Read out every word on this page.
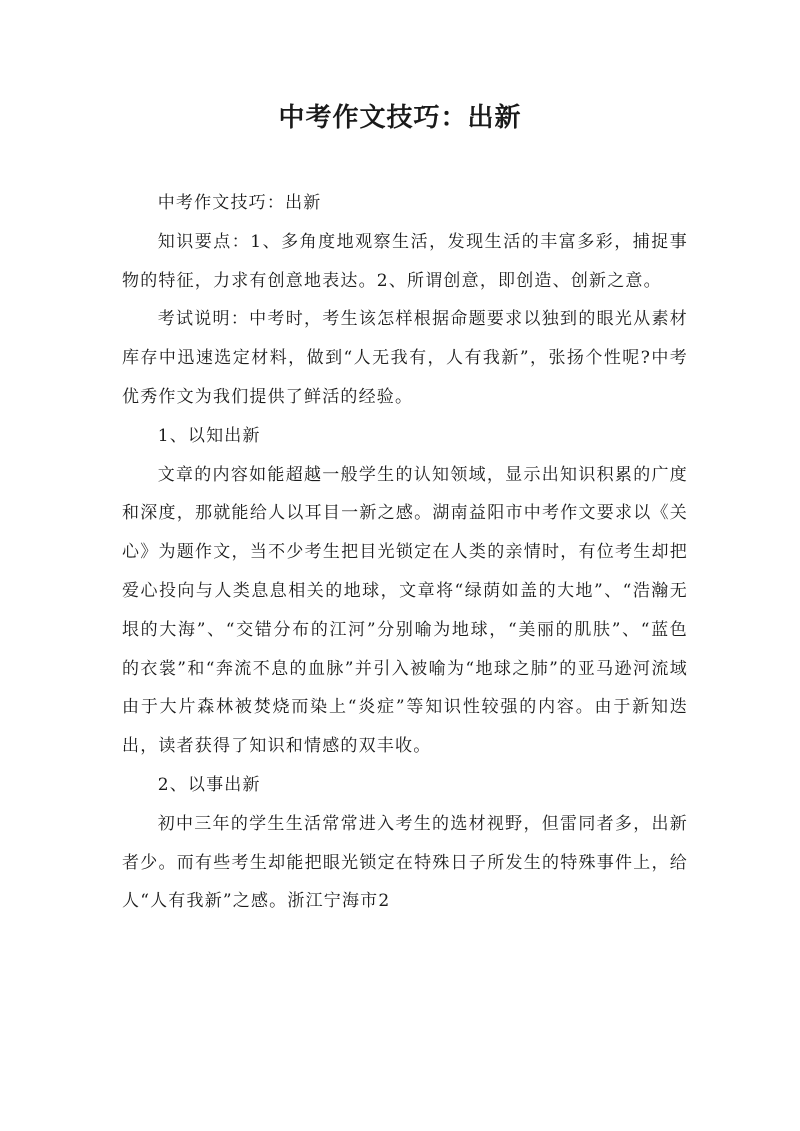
中考作文技巧：出新

中考作文技巧：出新

知识要点：1、多角度地观察生活，发现生活的丰富多彩，捕捉事物的特征，力求有创意地表达。2、所谓创意，即创造、创新之意。

考试说明：中考时，考生该怎样根据命题要求以独到的眼光从素材库存中迅速选定材料，做到“人无我有，人有我新”，张扬个性呢?中考优秀作文为我们提供了鲜活的经验。

1、以知出新

文章的内容如能超越一般学生的认知领域，显示出知识积累的广度和深度，那就能给人以耳目一新之感。湖南益阳市中考作文要求以《关心》为题作文，当不少考生把目光锁定在人类的亲情时，有位考生却把爱心投向与人类息息相关的地球，文章将“绿荫如盖的大地”、“浩瀚无垠的大海”、“交错分布的江河”分别喻为地球，“美丽的肌肤”、“蓝色的衣裳”和“奔流不息的血脉”并引入被喻为“地球之肺”的亚马逊河流域由于大片森林被焚烧而染上“炎症”等知识性较强的内容。由于新知迭出，读者获得了知识和情感的双丰收。

2、以事出新

初中三年的学生生活常常进入考生的选材视野，但雷同者多，出新者少。而有些考生却能把眼光锁定在特殊日子所发生的特殊事件上，给人“人有我新”之感。浙江宁海市2
